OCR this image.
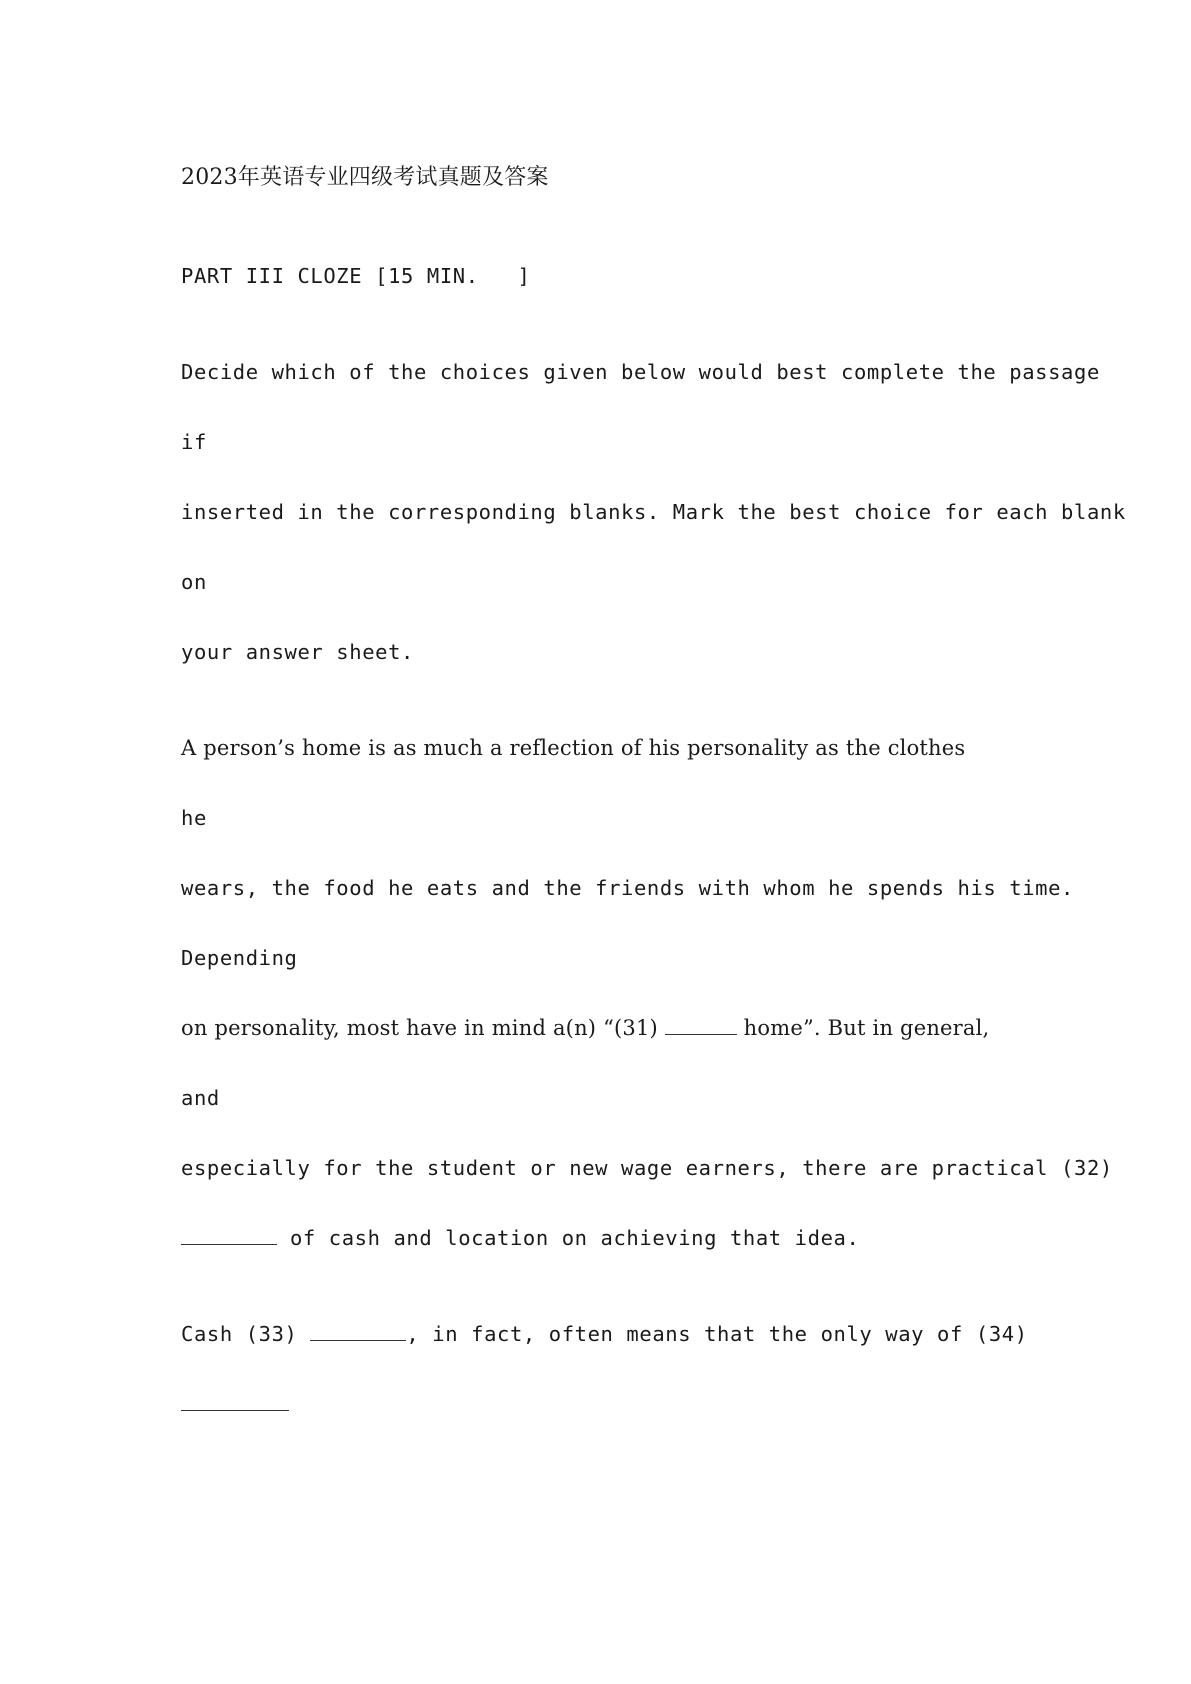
2023年英语专业四级考试真题及答案

PART III CLOZE [15 MIN.   ]

Decide which of the choices given below would best complete the passage

if

inserted in the corresponding blanks. Mark the best choice for each blank

on

your answer sheet.

A person’s home is as much a reflection of his personality as the clothes

he

wears, the food he eats and the friends with whom he spends his time.

Depending

on personality, most have in mind a(n) “(31)	home”. But in general,

and

especially for the student or new wage earners, there are practical (32)

of cash and location on achieving that idea.

Cash (33)	, in fact, often means that the only way of (34)
